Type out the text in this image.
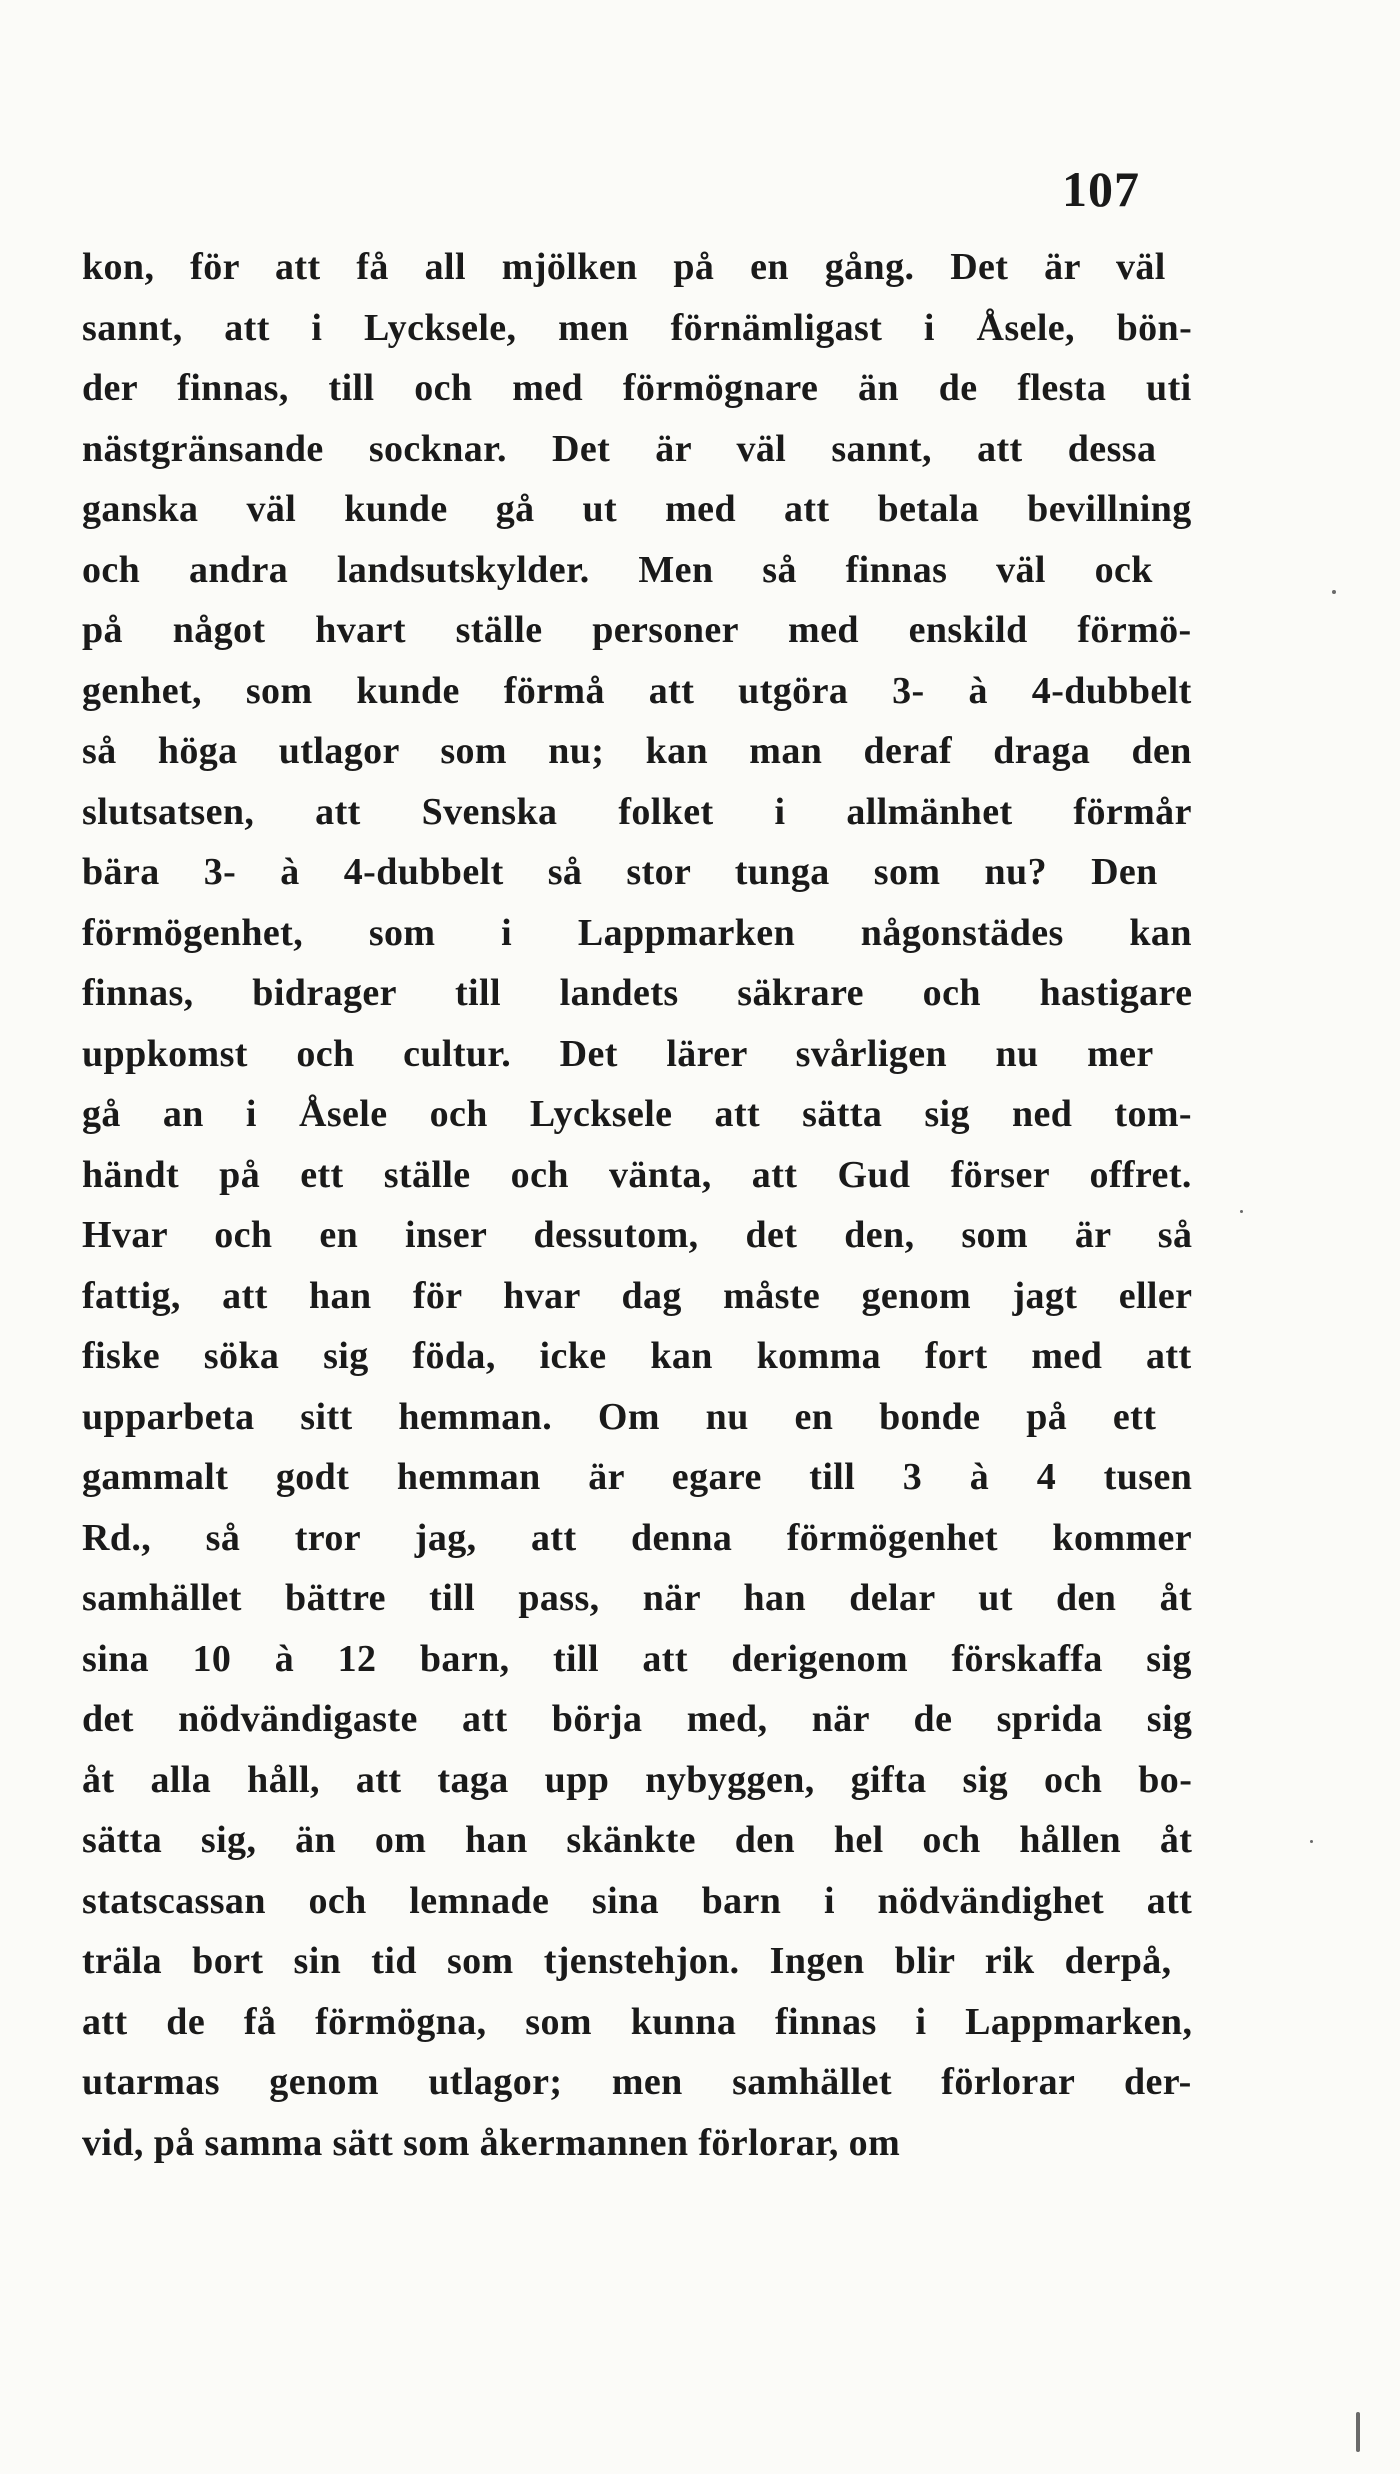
107
kon, för att få all mjölken på en gång. Det är väl
sannt, att i Lycksele, men förnämligast i Åsele, bön-
der finnas, till och med förmögnare än de flesta uti
nästgränsande socknar. Det är väl sannt, att dessa
ganska väl kunde gå ut med att betala bevillning
och andra landsutskylder. Men så finnas väl ock
på något hvart ställe personer med enskild förmö-
genhet, som kunde förmå att utgöra 3- à 4-dubbelt
så höga utlagor som nu; kan man deraf draga den
slutsatsen, att Svenska folket i allmänhet förmår
bära 3- à 4-dubbelt så stor tunga som nu? Den
förmögenhet, som i Lappmarken någonstädes kan
finnas, bidrager till landets säkrare och hastigare
uppkomst och cultur. Det lärer svårligen nu mer
gå an i Åsele och Lycksele att sätta sig ned tom-
händt på ett ställe och vänta, att Gud förser offret.
Hvar och en inser dessutom, det den, som är så
fattig, att han för hvar dag måste genom jagt eller
fiske söka sig föda, icke kan komma fort med att
upparbeta sitt hemman. Om nu en bonde på ett
gammalt godt hemman är egare till 3 à 4 tusen
Rd., så tror jag, att denna förmögenhet kommer
samhället bättre till pass, när han delar ut den åt
sina 10 à 12 barn, till att derigenom förskaffa sig
det nödvändigaste att börja med, när de sprida sig
åt alla håll, att taga upp nybyggen, gifta sig och bo-
sätta sig, än om han skänkte den hel och hållen åt
statscassan och lemnade sina barn i nödvändighet att
träla bort sin tid som tjenstehjon. Ingen blir rik derpå,
att de få förmögna, som kunna finnas i Lappmarken,
utarmas genom utlagor; men samhället förlorar der-
vid, på samma sätt som åkermannen förlorar, om
